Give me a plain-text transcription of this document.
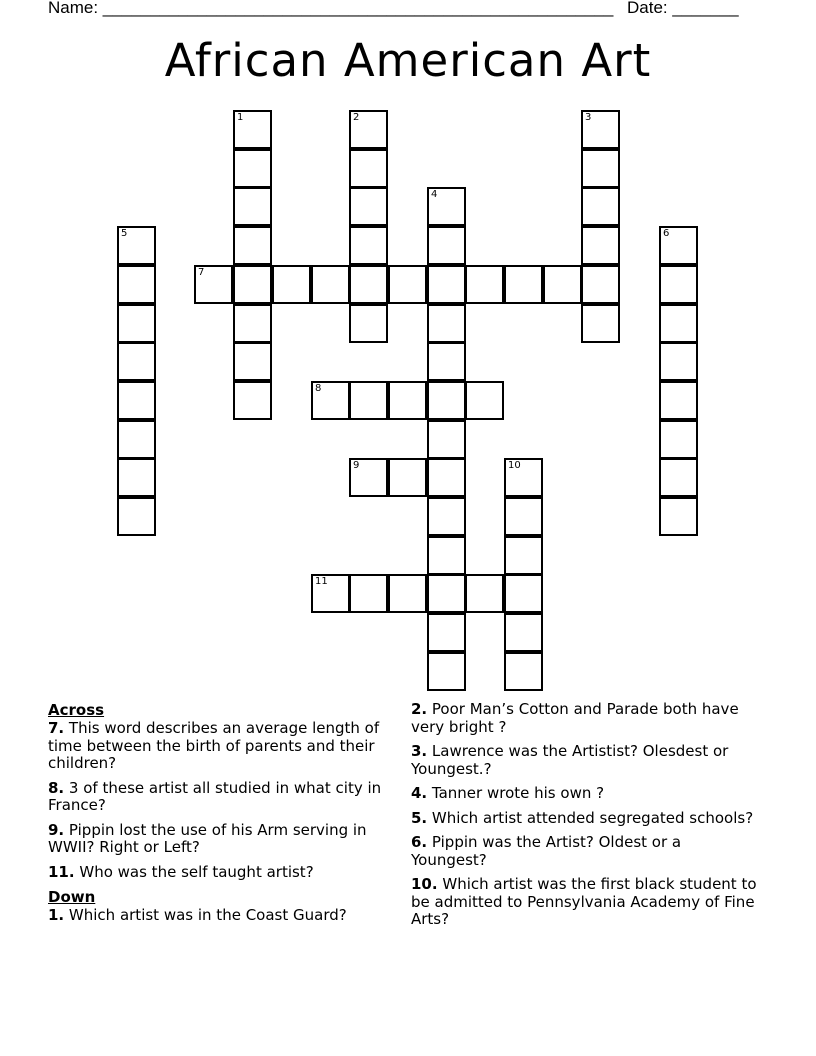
Name: ______________________________________________________ Date: _______
African American Art
1	2	3
4
5	6
7
8
9	10
11
Across
7. This word describes an average length of time between the birth of parents and their children?
8. 3 of these artist all studied in what city in France?
9. Pippin lost the use of his Arm serving in WWII? Right or Left?
11. Who was the self taught artist?
Down
1. Which artist was in the Coast Guard?
2. Poor Man’s Cotton and Parade both have very bright ?
3. Lawrence was the Artistist? Olesdest or Youngest.?
4. Tanner wrote his own ?
5. Which artist attended segregated schools?
6. Pippin was the Artist? Oldest or a Youngest?
10. Which artist was the first black student to be admitted to Pennsylvania Academy of Fine Arts?
